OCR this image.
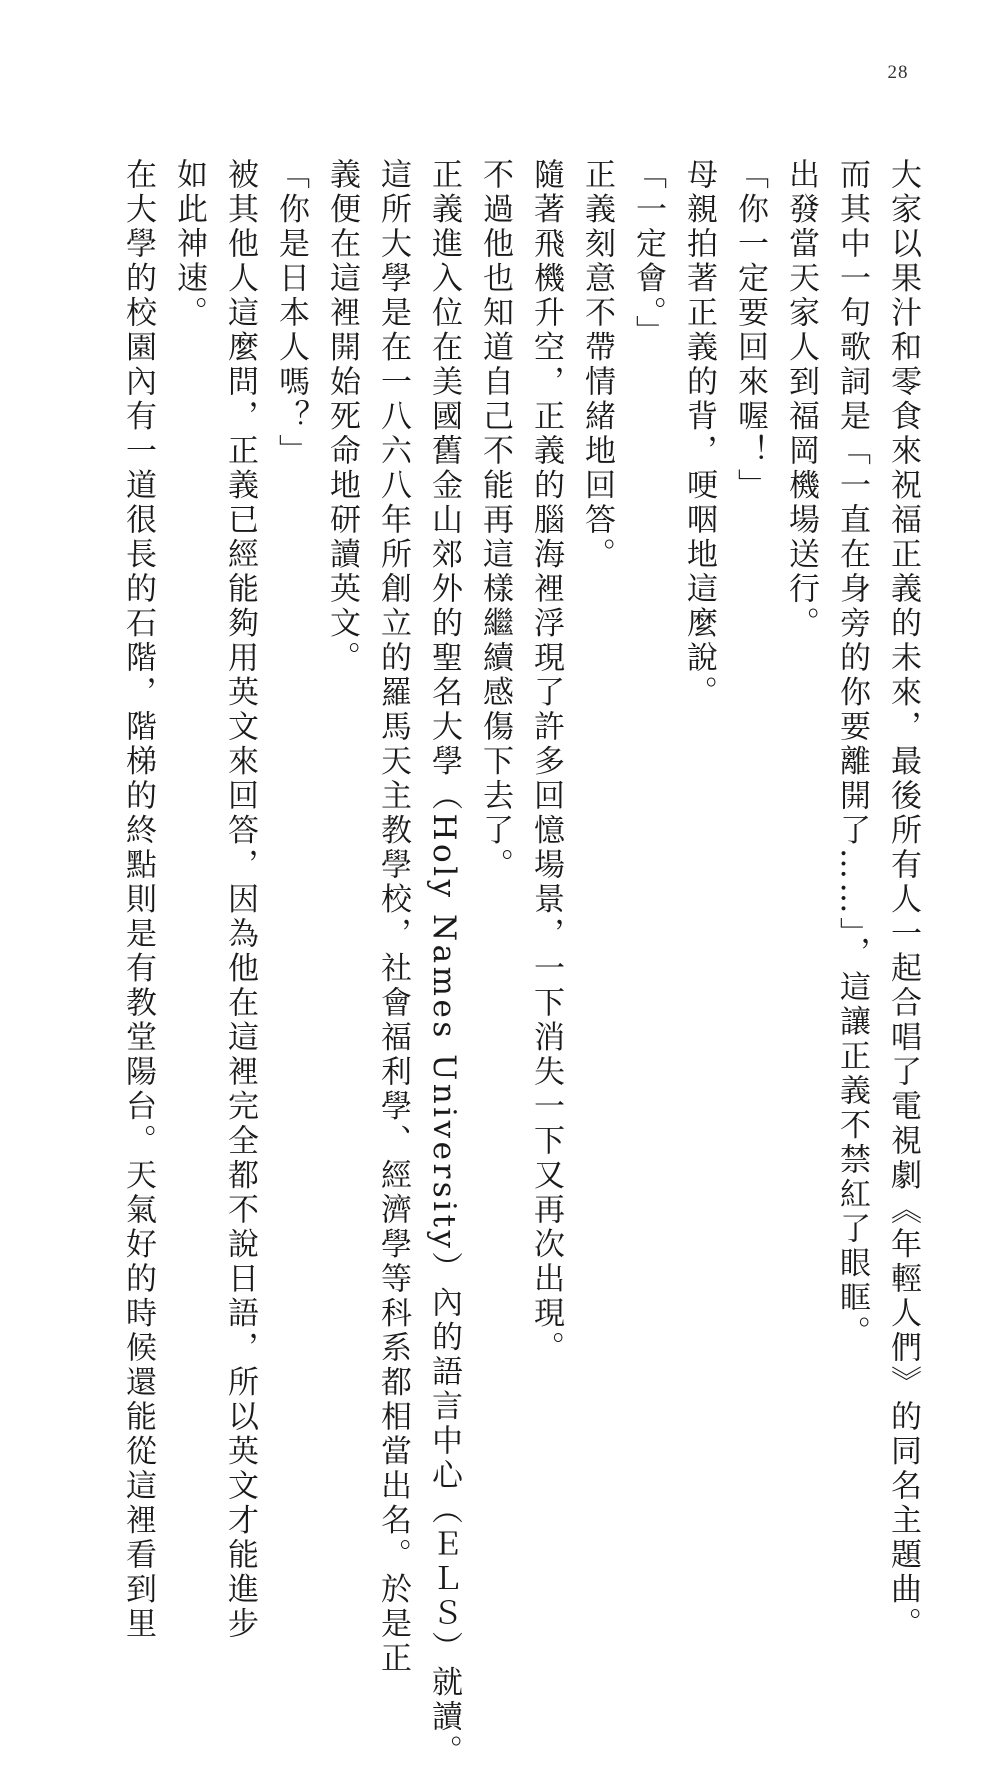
28
大家以果汁和零食來祝福正義的未來，最後所有人一起合唱了電視劇《年輕人們》的同名主題曲。
而其中一句歌詞是「一直在身旁的你要離開了……」，這讓正義不禁紅了眼眶。
出發當天家人到福岡機場送行。
「你一定要回來喔！」
母親拍著正義的背，哽咽地這麼說。
「一定會。」
正義刻意不帶情緒地回答。
隨著飛機升空，正義的腦海裡浮現了許多回憶場景，一下消失一下又再次出現。
不過他也知道自己不能再這樣繼續感傷下去了。
正義進入位在美國舊金山郊外的聖名大學（Holy Names University）內的語言中心（ＥＬＳ）就讀。
這所大學是在一八六八年所創立的羅馬天主教學校，社會福利學、經濟學等科系都相當出名。於是正
義便在這裡開始死命地研讀英文。
「你是日本人嗎？」
被其他人這麼問，正義已經能夠用英文來回答，因為他在這裡完全都不說日語，所以英文才能進步
如此神速。
在大學的校園內有一道很長的石階，階梯的終點則是有教堂陽台。天氣好的時候還能從這裡看到里
